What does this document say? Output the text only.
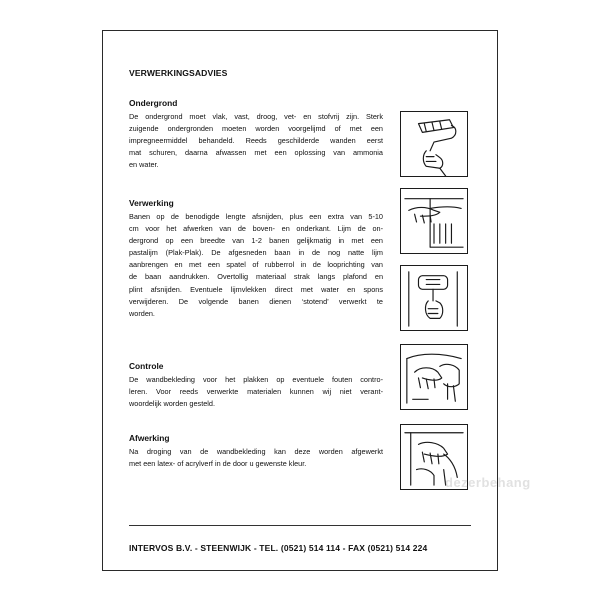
VERWERKINGSADVIES
Ondergrond
De ondergrond moet vlak, vast, droog, vet- en stofvrij zijn. Sterk
zuigende ondergronden moeten worden voorgelijmd of met een
impregneermiddel behandeld. Reeds geschilderde wanden eerst
mat schuren, daarna afwassen met een oplossing van ammonia
en water.
Verwerking
Banen op de benodigde lengte afsnijden, plus een extra van 5-10
cm voor het afwerken van de boven- en onderkant. Lijm de on-
dergrond op een breedte van 1-2 banen gelijkmatig in met een
pastalijm (Plak-Plak). De afgesneden baan in de nog natte lijm
aanbrengen en met een spatel of rubberrol in de looprichting van
de baan aandrukken. Overtollig materiaal strak langs plafond en
plint afsnijden. Eventuele lijmvlekken direct met water en spons
verwijderen. De volgende banen dienen ‘stotend’ verwerkt te
worden.
Controle
De wandbekleding voor het plakken op eventuele fouten contro-
leren. Voor reeds verwerkte materialen kunnen wij niet verant-
woordelijk worden gesteld.
Afwerking
Na droging van de wandbekleding kan deze worden afgewerkt
met een latex- of acrylverf in de door u gewenste kleur.
dezerbehang
INTERVOS B.V. - STEENWIJK - TEL. (0521) 514 114 - FAX (0521) 514 224
